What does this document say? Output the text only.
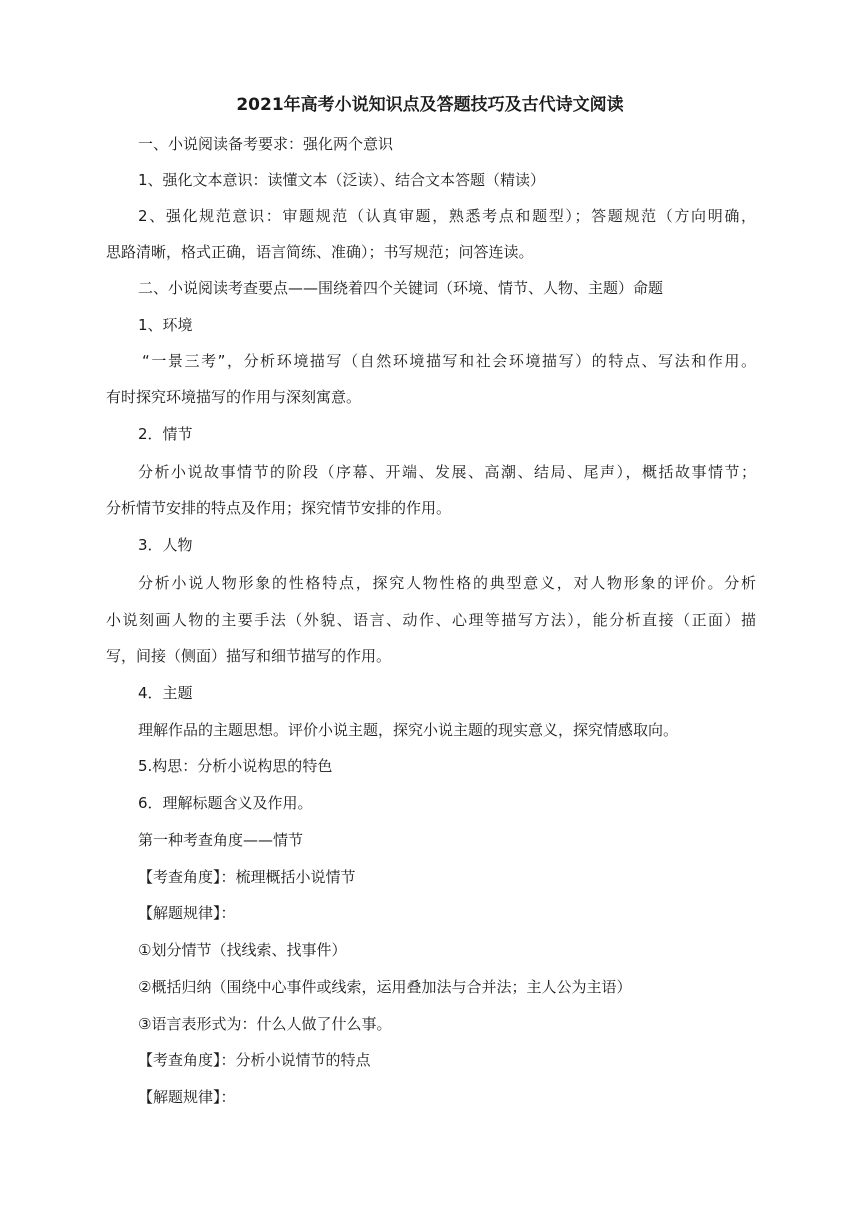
2021年高考小说知识点及答题技巧及古代诗文阅读
一、小说阅读备考要求：强化两个意识
1、强化文本意识：读懂文本（泛读）、结合文本答题（精读）
2、强化规范意识：审题规范（认真审题，熟悉考点和题型）；答题规范（方向明确，
思路清晰，格式正确，语言简练、准确）；书写规范；问答连读。
二、小说阅读考查要点——围绕着四个关键词（环境、情节、人物、主题）命题
1、环境
“一景三考”，分析环境描写（自然环境描写和社会环境描写）的特点、写法和作用。
有时探究环境描写的作用与深刻寓意。
2．情节
分析小说故事情节的阶段（序幕、开端、发展、高潮、结局、尾声），概括故事情节；
分析情节安排的特点及作用；探究情节安排的作用。
3．人物
分析小说人物形象的性格特点，探究人物性格的典型意义，对人物形象的评价。分析
小说刻画人物的主要手法（外貌、语言、动作、心理等描写方法），能分析直接（正面）描
写，间接（侧面）描写和细节描写的作用。
4．主题
理解作品的主题思想。评价小说主题，探究小说主题的现实意义，探究情感取向。
5.构思：分析小说构思的特色
6．理解标题含义及作用。
第一种考查角度——情节
【考查角度】：梳理概括小说情节
【解题规律】：
①划分情节（找线索、找事件）
②概括归纳（围绕中心事件或线索，运用叠加法与合并法；主人公为主语）
③语言表形式为：什么人做了什么事。
【考查角度】：分析小说情节的特点
【解题规律】：
